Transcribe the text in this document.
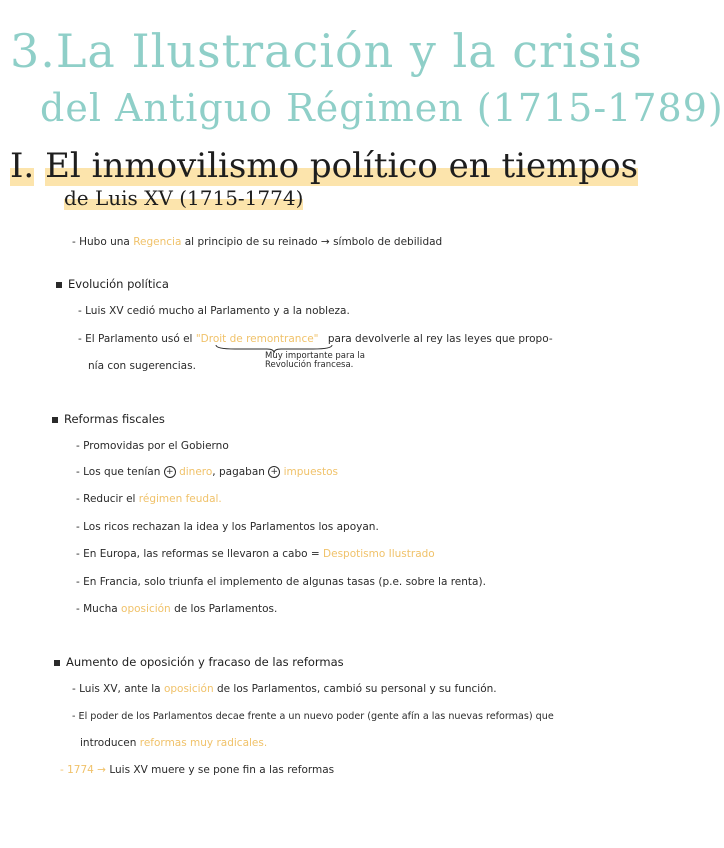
3.La Ilustración y la crisis
del Antiguo Régimen (1715-1789)
I. El inmovilismo político en tiempos
de Luis XV (1715-1774)
- Hubo una Regencia al principio de su reinado → símbolo de debilidad
Evolución política
- Luis XV cedió mucho al Parlamento y a la nobleza.
- El Parlamento usó el "Droit de remontrance" para devolverle al rey las leyes que propo-
Muy importante para la Revolución francesa.
nía con sugerencias.
Reformas fiscales
- Promovidas por el Gobierno
- Los que tenían + dinero, pagaban + impuestos
- Reducir el régimen feudal.
- Los ricos rechazan la idea y los Parlamentos los apoyan.
- En Europa, las reformas se llevaron a cabo = Despotismo Ilustrado
- En Francia, solo triunfa el implemento de algunas tasas (p.e. sobre la renta).
- Mucha oposición de los Parlamentos.
Aumento de oposición y fracaso de las reformas
- Luis XV, ante la oposición de los Parlamentos, cambió su personal y su función.
- El poder de los Parlamentos decae frente a un nuevo poder (gente afín a las nuevas reformas) que
introducen reformas muy radicales.
- 1774 → Luis XV muere y se pone fin a las reformas
